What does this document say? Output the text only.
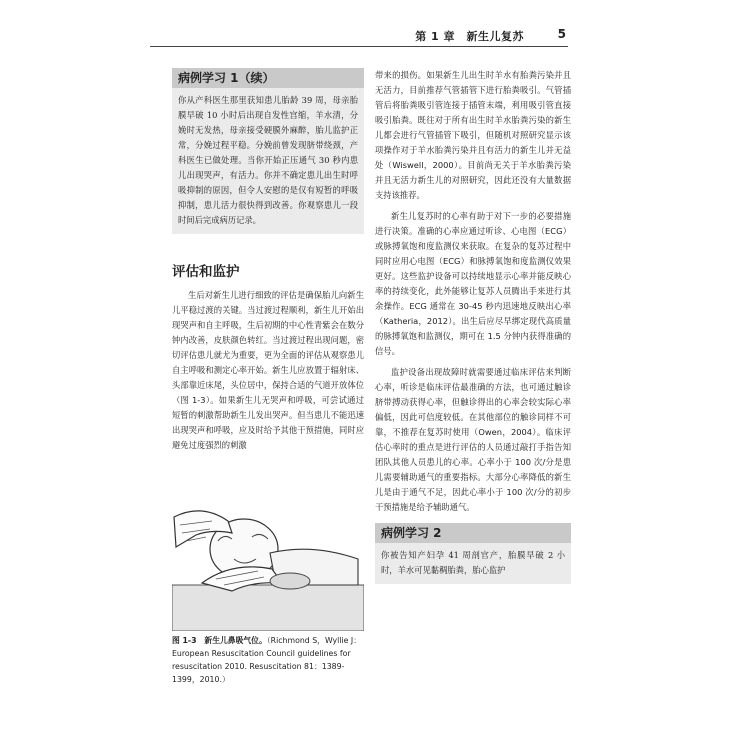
第 1 章　新生儿复苏	5
病例学习 1（续）
你从产科医生那里获知患儿胎龄 39 周，母亲胎膜早破 10 小时后出现自发性宫缩，羊水清，分娩时无发热，母亲接受硬膜外麻醉，胎儿监护正常，分娩过程平稳。分娩前曾发现脐带绕颈，产科医生已做处理。当你开始正压通气 30 秒内患儿出现哭声，有活力。你并不确定患儿出生时呼吸抑制的原因，但令人安慰的是仅有短暂的呼吸抑制，患儿活力很快得到改善。你观察患儿一段时间后完成病历记录。
评估和监护

生后对新生儿进行细致的评估是确保胎儿向新生儿平稳过渡的关键。当过渡过程顺利，新生儿开始出现哭声和自主呼吸，生后初期的中心性青紫会在数分钟内改善，皮肤颜色转红。当过渡过程出现问题，密切评估患儿就尤为重要，更为全面的评估从观察患儿自主呼吸和测定心率开始。新生儿应放置于辐射床、头部靠近床尾，头位居中，保持合适的气道开放体位（图 1-3）。如果新生儿无哭声和呼吸，可尝试通过短暂的刺激帮助新生儿发出哭声。但当患儿不能迅速出现哭声和呼吸，应及时给予其他干预措施，同时应避免过度强烈的刺激

图 1-3　新生儿鼻吸气位。（Richmond S，Wyllie J：European Resuscitation Council guidelines for resuscitation 2010. Resuscitation 81：1389-1399，2010.）

带来的损伤。如果新生儿出生时羊水有胎粪污染并且无活力，目前推荐气管插管下进行胎粪吸引。气管插管后将胎粪吸引管连接于插管末端，利用吸引管直接吸引胎粪。既往对于所有出生时羊水胎粪污染的新生儿都会进行气管插管下吸引，但随机对照研究显示该项操作对于羊水胎粪污染并且有活力的新生儿并无益处（Wiswell，2000）。目前尚无关于羊水胎粪污染并且无活力新生儿的对照研究，因此还没有大量数据支持该推荐。

新生儿复苏时的心率有助于对下一步的必要措施进行决策。准确的心率应通过听诊、心电图（ECG）或脉搏氧饱和度监测仪来获取。在复杂的复苏过程中同时应用心电图（ECG）和脉搏氧饱和度监测仪效果更好。这些监护设备可以持续地显示心率并能反映心率的持续变化，此外能够让复苏人员腾出手来进行其余操作。ECG 通常在 30-45 秒内迅速地反映出心率（Katheria，2012）。出生后应尽早绑定现代高质量的脉搏氧饱和监测仪，期可在 1.5 分钟内获得准确的信号。

监护设备出现故障时就需要通过临床评估来判断心率，听诊是临床评估最准确的方法，也可通过触诊脐带搏动获得心率，但触诊得出的心率会较实际心率偏低，因此可信度较低。在其他部位的触诊同样不可靠，不推荐在复苏时使用（Owen，2004）。临床评估心率时的重点是进行评估的人员通过敲打手指告知团队其他人员患儿的心率。心率小于 100 次/分是患儿需要辅助通气的重要指标。大部分心率降低的新生儿是由于通气不足，因此心率小于 100 次/分的初步干预措施是给予辅助通气。

病例学习 2
你被告知产妇孕 41 周剖官产，胎膜早破 2 小时，羊水可见黏稠胎粪，胎心监护
